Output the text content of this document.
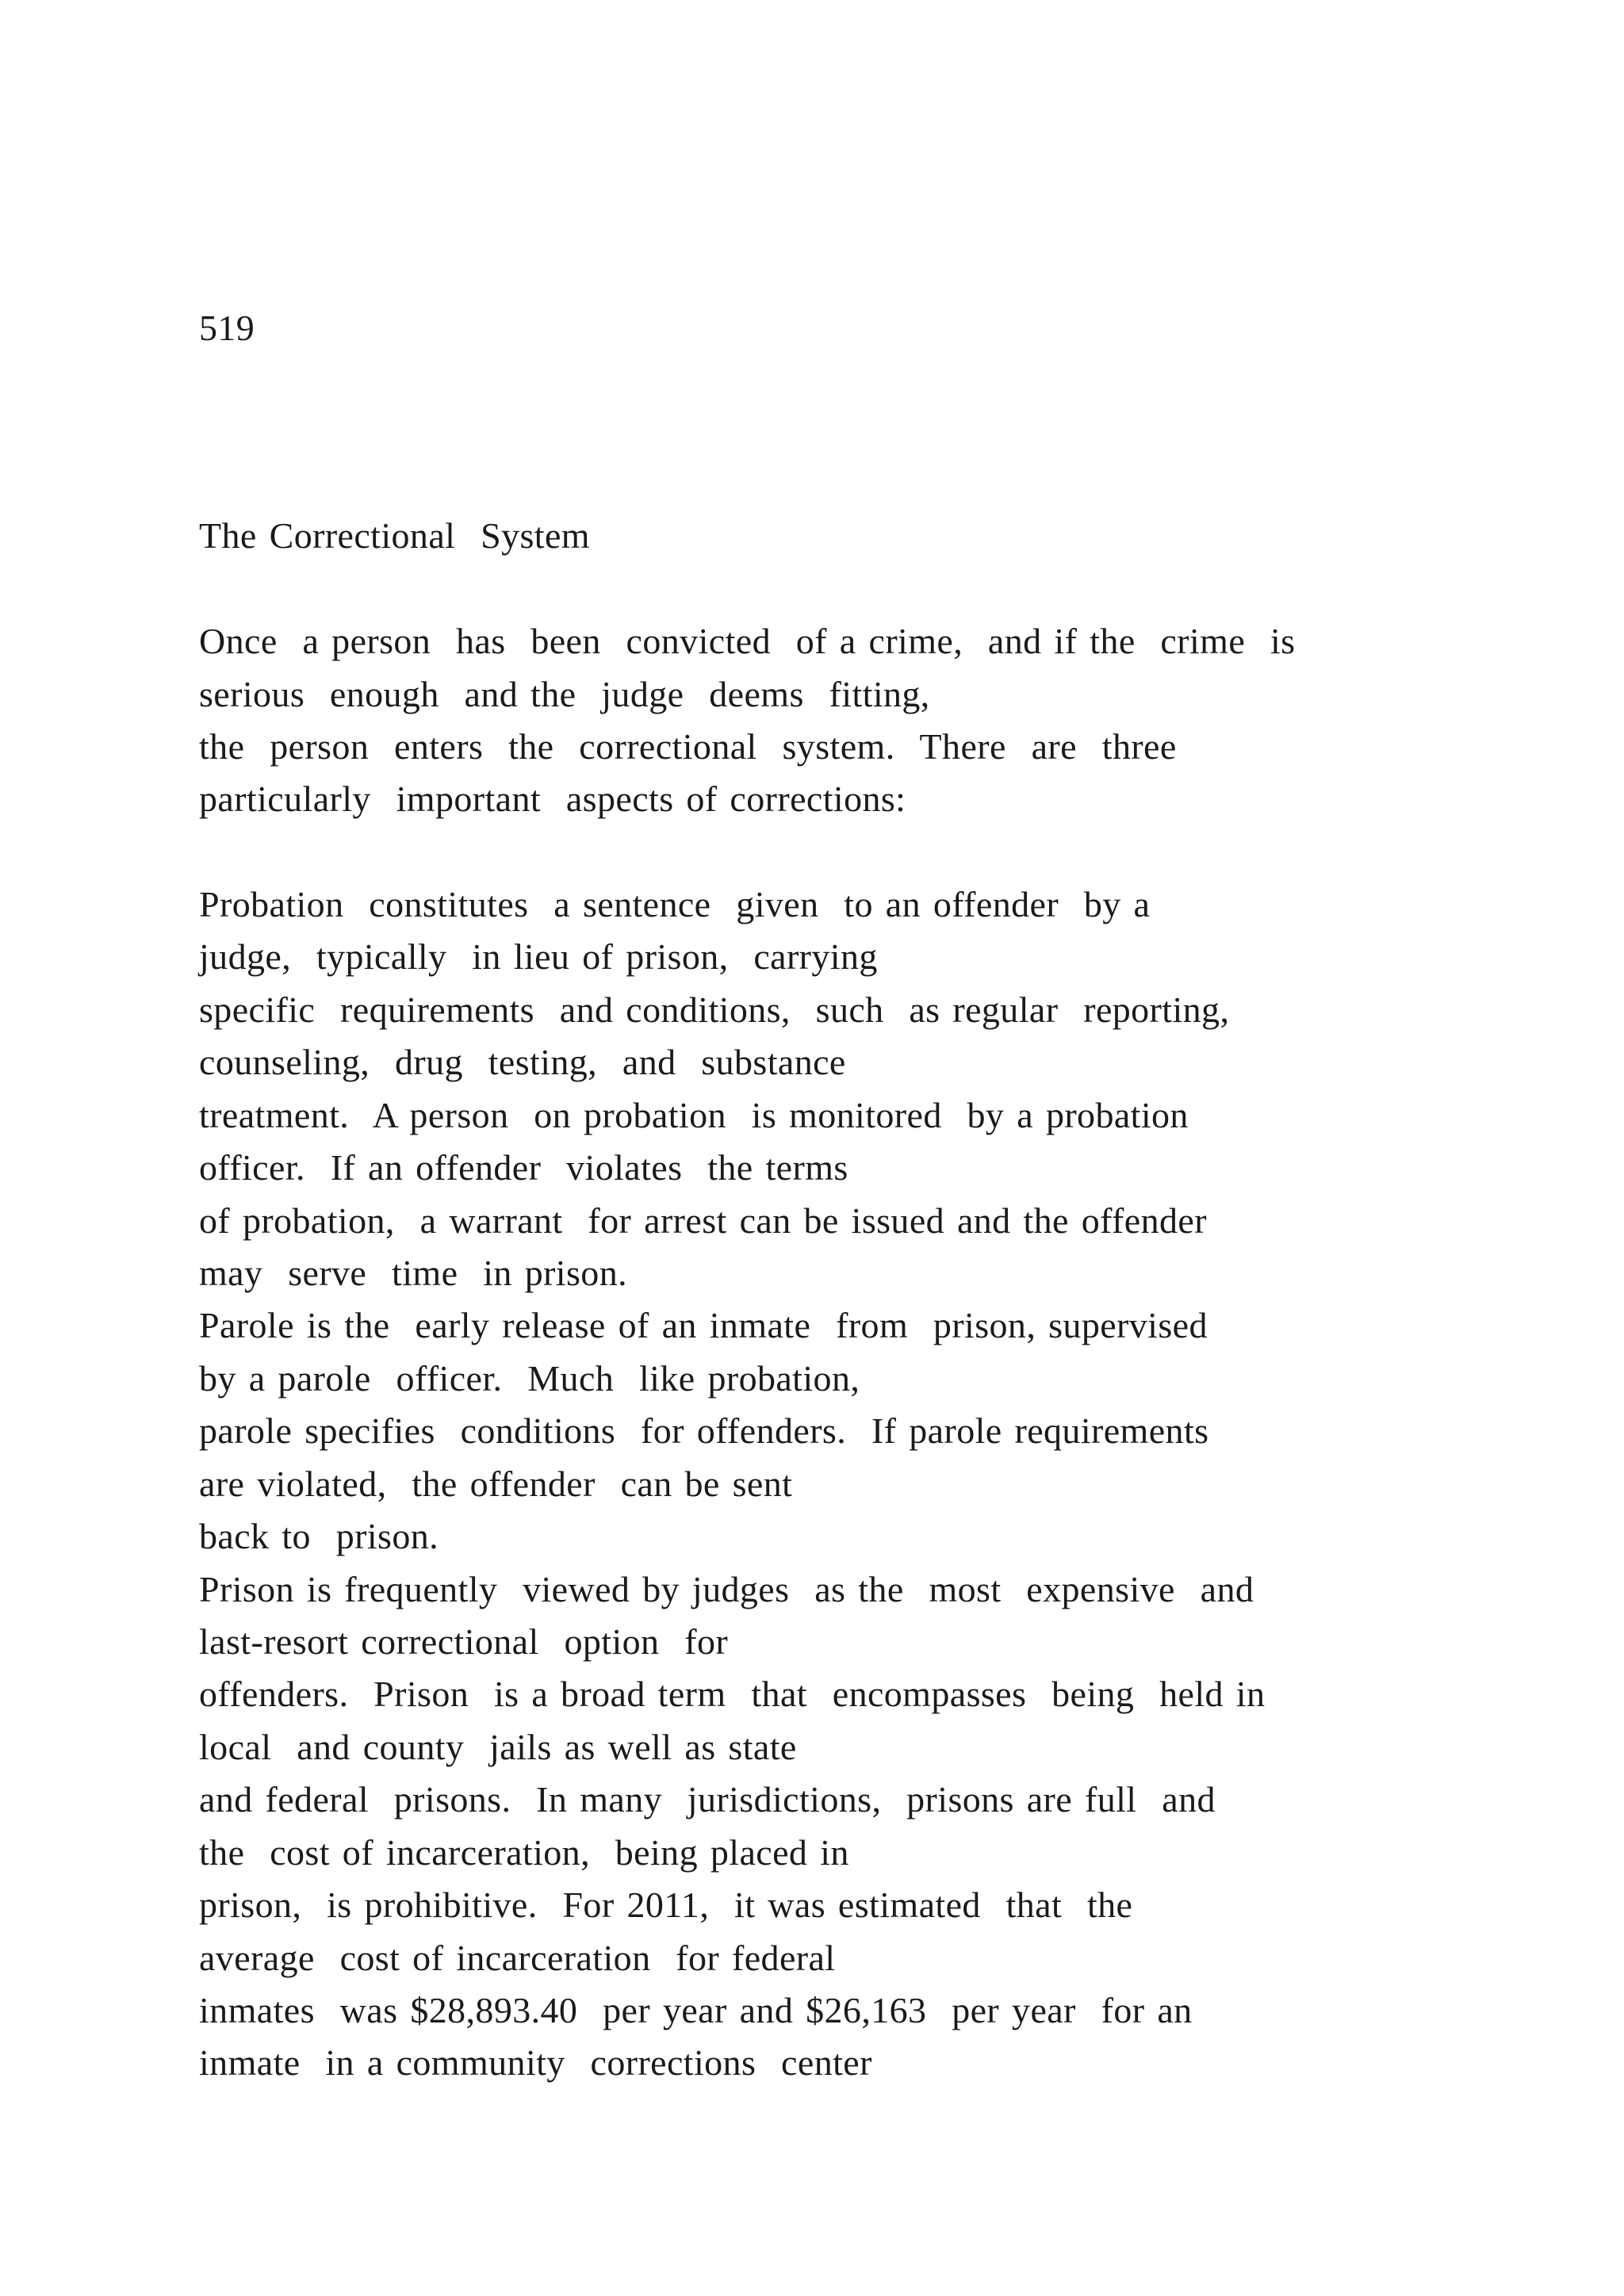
519
The Correctional  System
Once  a person  has  been  convicted  of a crime,  and if the  crime  is
serious  enough  and the  judge  deems  fitting,
the  person  enters  the  correctional  system.  There  are  three
particularly  important  aspects of corrections:
Probation  constitutes  a sentence  given  to an offender  by a
judge,  typically  in lieu of prison,  carrying
specific  requirements  and conditions,  such  as regular  reporting,
counseling,  drug  testing,  and  substance
treatment.  A person  on probation  is monitored  by a probation
officer.  If an offender  violates  the terms
of probation,  a warrant  for arrest can be issued and the offender
may  serve  time  in prison.
Parole is the  early release of an inmate  from  prison, supervised
by a parole  officer.  Much  like probation,
parole specifies  conditions  for offenders.  If parole requirements
are violated,  the offender  can be sent
back to  prison.
Prison is frequently  viewed by judges  as the  most  expensive  and
last-resort correctional  option  for
offenders.  Prison  is a broad term  that  encompasses  being  held in
local  and county  jails as well as state
and federal  prisons.  In many  jurisdictions,  prisons are full  and
the  cost of incarceration,  being placed in
prison,  is prohibitive.  For 2011,  it was estimated  that  the
average  cost of incarceration  for federal
inmates  was $28,893.40  per year and $26,163  per year  for an
inmate  in a community  corrections  center
